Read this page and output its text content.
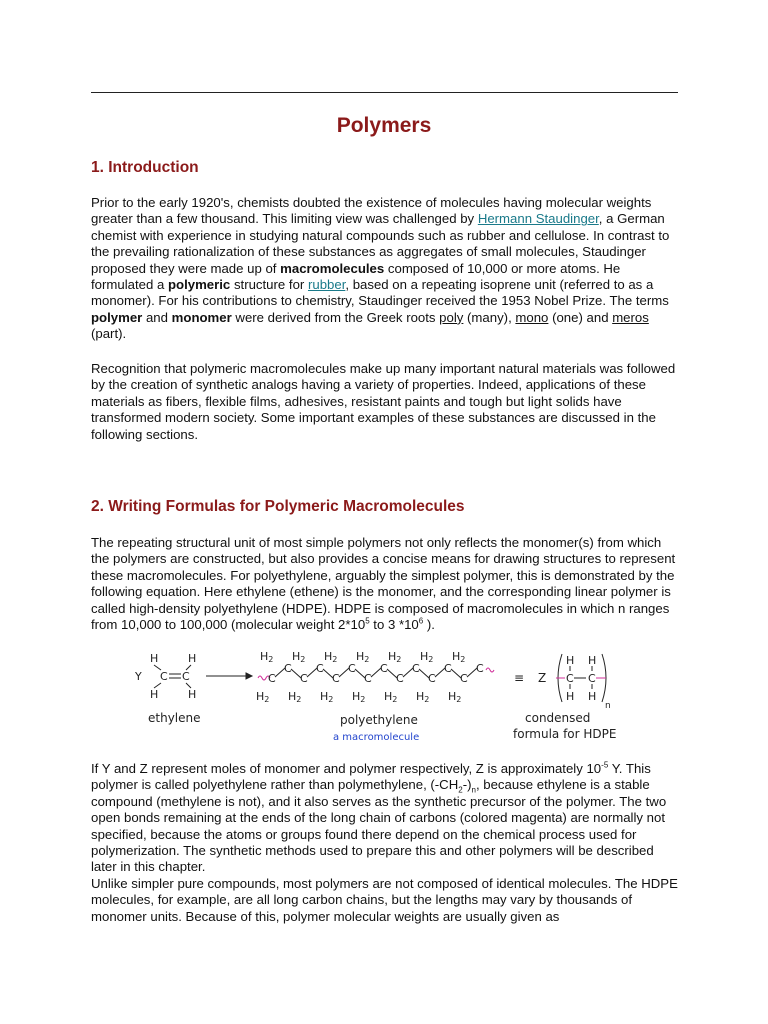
Polymers
1. Introduction

Prior to the early 1920's, chemists doubted the existence of molecules having molecular weights greater than a few thousand. This limiting view was challenged by Hermann Staudinger, a German chemist with experience in studying natural compounds such as rubber and cellulose. In contrast to the prevailing rationalization of these substances as aggregates of small molecules, Staudinger proposed they were made up of macromolecules composed of 10,000 or more atoms. He formulated a polymeric structure for rubber, based on a repeating isoprene unit (referred to as a monomer). For his contributions to chemistry, Staudinger received the 1953 Nobel Prize. The terms polymer and monomer were derived from the Greek roots poly (many), mono (one) and meros (part).

Recognition that polymeric macromolecules make up many important natural materials was followed by the creation of synthetic analogs having a variety of properties. Indeed, applications of these materials as fibers, flexible films, adhesives, resistant paints and tough but light solids have transformed modern society. Some important examples of these substances are discussed in the following sections.

2. Writing Formulas for Polymeric Macromolecules

The repeating structural unit of most simple polymers not only reflects the monomer(s) from which the polymers are constructed, but also provides a concise means for drawing structures to represent these macromolecules. For polyethylene, arguably the simplest polymer, this is demonstrated by the following equation. Here ethylene (ethene) is the monomer, and the corresponding linear polymer is called high-density polyethylene (HDPE). HDPE is composed of macromolecules in which n ranges from 10,000 to 100,000 (molecular weight $2*10^5$ to 3 $*10^6$ ).

H	H
Y C C
H	H
ethylene
C
C
C
C
C
C
C
C
C
C
C
C
C
C
H2
H2
H2
H2
H2
H2
H2
H2
H2
H2
H2
H2
H2
H2
polyethylene
a macromolecule
≡ Z
H H
C C
H H
n
condensed
formula for HDPE

If Y and Z represent moles of monomer and polymer respectively, Z is approximately $10^{-5}$ Y. This polymer is called polyethylene rather than polymethylene, $(-CH_2-)_n$, because ethylene is a stable compound (methylene is not), and it also serves as the synthetic precursor of the polymer. The two open bonds remaining at the ends of the long chain of carbons (colored magenta) are normally not specified, because the atoms or groups found there depend on the chemical process used for polymerization. The synthetic methods used to prepare this and other polymers will be described later in this chapter.

Unlike simpler pure compounds, most polymers are not composed of identical molecules. The HDPE molecules, for example, are all long carbon chains, but the lengths may vary by thousands of monomer units. Because of this, polymer molecular weights are usually given as
